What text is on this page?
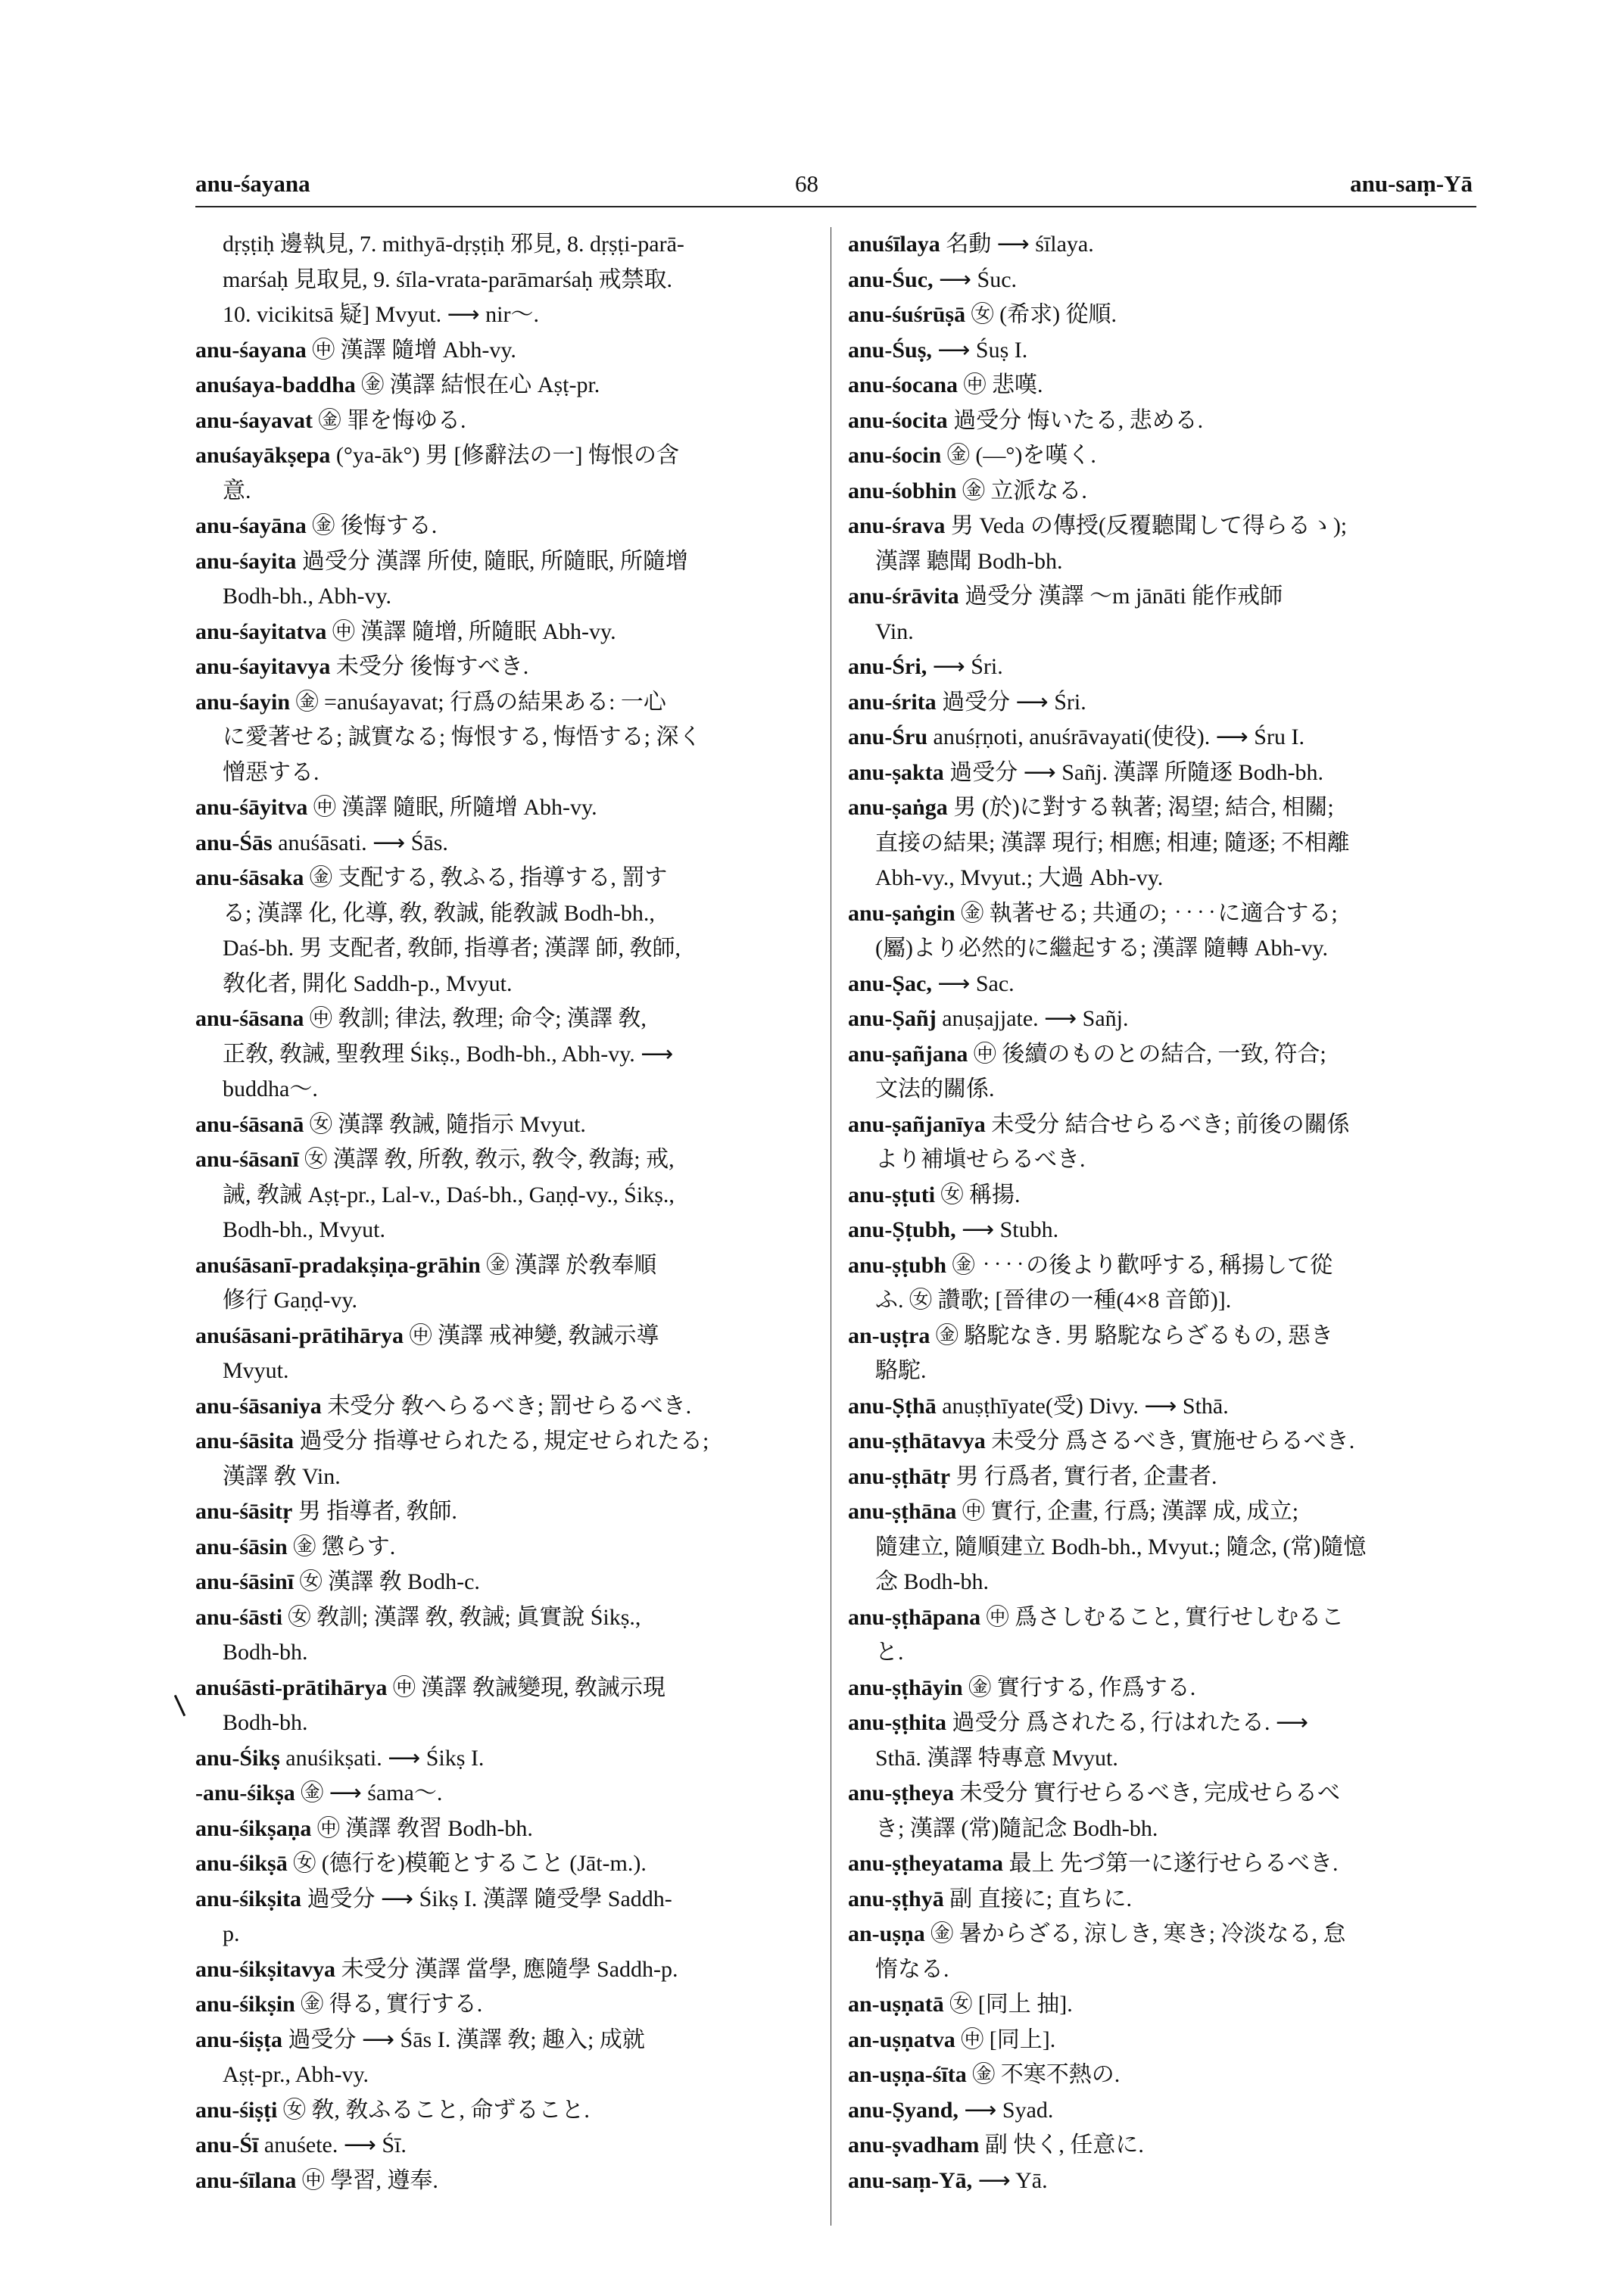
anu-śayana	68	anu-saṃ-Yā
dṛṣṭiḥ 邊執見, 7. mithyā-dṛṣṭiḥ 邪見, 8. dṛṣṭi-parā-
marśaḥ 見取見, 9. śīla-vrata-parāmarśaḥ 戒禁取.
10. vicikitsā 疑] Mvyut. ⟶ nir〜.
anu-śayana ㊥ 漢譯 隨增 Abh-vy.
anuśaya-baddha ㊎ 漢譯 結恨在心 Aṣṭ-pr.
anu-śayavat ㊎ 罪を悔ゆる.
anuśayākṣepa (°ya-āk°) 男 [修辭法の一] 悔恨の含
意.
anu-śayāna ㊎ 後悔する.
anu-śayita 過受分 漢譯 所使, 隨眠, 所隨眠, 所隨增
Bodh-bh., Abh-vy.
anu-śayitatva ㊥ 漢譯 隨增, 所隨眠 Abh-vy.
anu-śayitavya 未受分 後悔すべき.
anu-śayin ㊎ =anuśayavat; 行爲の結果ある: 一心
に愛著せる; 誠實なる; 悔恨する, 悔悟する; 深く
憎惡する.
anu-śāyitva ㊥ 漢譯 隨眠, 所隨增 Abh-vy.
anu-Śās anuśāsati. ⟶ Śās.
anu-śāsaka ㊎ 支配する, 敎ふる, 指導する, 罰す
る; 漢譯 化, 化導, 敎, 敎誠, 能敎誠 Bodh-bh.,
Daś-bh. 男 支配者, 敎師, 指導者; 漢譯 師, 敎師,
敎化者, 開化 Saddh-p., Mvyut.
anu-śāsana ㊥ 敎訓; 律法, 敎理; 命令; 漢譯 敎,
正敎, 敎誡, 聖敎理 Śikṣ., Bodh-bh., Abh-vy. ⟶
buddha〜.
anu-śāsanā ㊛ 漢譯 敎誡, 隨指示 Mvyut.
anu-śāsanī ㊛ 漢譯 敎, 所敎, 敎示, 敎令, 敎誨; 戒,
誡, 敎誡 Aṣṭ-pr., Lal-v., Daś-bh., Gaṇḍ-vy., Śikṣ.,
Bodh-bh., Mvyut.
anuśāsanī-pradakṣiṇa-grāhin ㊎ 漢譯 於敎奉順
修行 Gaṇḍ-vy.
anuśāsani-prātihārya ㊥ 漢譯 戒神變, 敎誡示導
Mvyut.
anu-śāsaniya 未受分 敎へらるべき; 罰せらるべき.
anu-śāsita 過受分 指導せられたる, 規定せられたる;
漢譯 敎 Vin.
anu-śāsitṛ 男 指導者, 敎師.
anu-śāsin ㊎ 懲らす.
anu-śāsinī ㊛ 漢譯 敎 Bodh-c.
anu-śāsti ㊛ 敎訓; 漢譯 敎, 敎誡; 眞實說 Śikṣ.,
Bodh-bh.
anuśāsti-prātihārya ㊥ 漢譯 敎誡變現, 敎誡示現
Bodh-bh.
anu-Śikṣ anuśikṣati. ⟶ Śikṣ I.
-anu-śikṣa ㊎ ⟶ śama〜.
anu-śikṣaṇa ㊥ 漢譯 敎習 Bodh-bh.
anu-śikṣā ㊛ (德行を)模範とすること (Jāt-m.).
anu-śikṣita 過受分 ⟶ Śikṣ I. 漢譯 隨受學 Saddh-
p.
anu-śikṣitavya 未受分 漢譯 當學, 應隨學 Saddh-p.
anu-śikṣin ㊎ 得る, 實行する.
anu-śiṣṭa 過受分 ⟶ Śās I. 漢譯 敎; 趣入; 成就
Aṣṭ-pr., Abh-vy.
anu-śiṣṭi ㊛ 敎, 敎ふること, 命ずること.
anu-Śī anuśete. ⟶ Śī.
anu-śīlana ㊥ 學習, 遵奉.
anuśīlaya 名動 ⟶ śīlaya.
anu-Śuc, ⟶ Śuc.
anu-śuśrūṣā ㊛ (希求) 從順.
anu-Śuṣ, ⟶ Śuṣ I.
anu-śocana ㊥ 悲嘆.
anu-śocita 過受分 悔いたる, 悲める.
anu-śocin ㊎ (—°)を嘆く.
anu-śobhin ㊎ 立派なる.
anu-śrava 男 Veda の傳授(反覆聽聞して得らるゝ);
漢譯 聽聞 Bodh-bh.
anu-śrāvita 過受分 漢譯 〜m jānāti 能作戒師
Vin.
anu-Śri, ⟶ Śri.
anu-śrita 過受分 ⟶ Śri.
anu-Śru anuśṛṇoti, anuśrāvayati(使役). ⟶ Śru I.
anu-ṣakta 過受分 ⟶ Sañj. 漢譯 所隨逐 Bodh-bh.
anu-ṣaṅga 男 (於)に對する執著; 渴望; 結合, 相關;
直接の結果; 漢譯 現行; 相應; 相連; 隨逐; 不相離
Abh-vy., Mvyut.; 大過 Abh-vy.
anu-ṣaṅgin ㊎ 執著せる; 共通の; ‥‥に適合する;
(屬)より必然的に繼起する; 漢譯 隨轉 Abh-vy.
anu-Ṣac, ⟶ Sac.
anu-Ṣañj anuṣajjate. ⟶ Sañj.
anu-ṣañjana ㊥ 後續のものとの結合, 一致, 符合;
文法的關係.
anu-ṣañjanīya 未受分 結合せらるべき; 前後の關係
より補塡せらるべき.
anu-ṣṭuti ㊛ 稱揚.
anu-Ṣṭubh, ⟶ Stubh.
anu-ṣṭubh ㊎ ‥‥の後より歡呼する, 稱揚して從
ふ. ㊛ 讚歌; [晉律の一種(4×8 音節)].
an-uṣṭra ㊎ 駱駝なき. 男 駱駝ならざるもの, 惡き
駱駝.
anu-Ṣṭhā anuṣṭhīyate(受) Divy. ⟶ Sthā.
anu-ṣṭhātavya 未受分 爲さるべき, 實施せらるべき.
anu-ṣṭhātṛ 男 行爲者, 實行者, 企畫者.
anu-ṣṭhāna ㊥ 實行, 企畫, 行爲; 漢譯 成, 成立;
隨建立, 隨順建立 Bodh-bh., Mvyut.; 隨念, (常)隨憶
念 Bodh-bh.
anu-ṣṭhāpana ㊥ 爲さしむること, 實行せしむるこ
と.
anu-ṣṭhāyin ㊎ 實行する, 作爲する.
anu-ṣṭhita 過受分 爲されたる, 行はれたる. ⟶
Sthā. 漢譯 特專意 Mvyut.
anu-ṣṭheya 未受分 實行せらるべき, 完成せらるべ
き; 漢譯 (常)隨記念 Bodh-bh.
anu-ṣṭheyatama 最上 先づ第一に遂行せらるべき.
anu-ṣṭhyā 副 直接に; 直ちに.
an-uṣṇa ㊎ 暑からざる, 涼しき, 寒き; 冷淡なる, 怠
惰なる.
an-uṣṇatā ㊛ [同上 抽].
an-uṣṇatva ㊥ [同上].
an-uṣṇa-śīta ㊎ 不寒不熱の.
anu-Ṣyand, ⟶ Syad.
anu-ṣvadham 副 快く, 任意に.
anu-saṃ-Yā, ⟶ Yā.
